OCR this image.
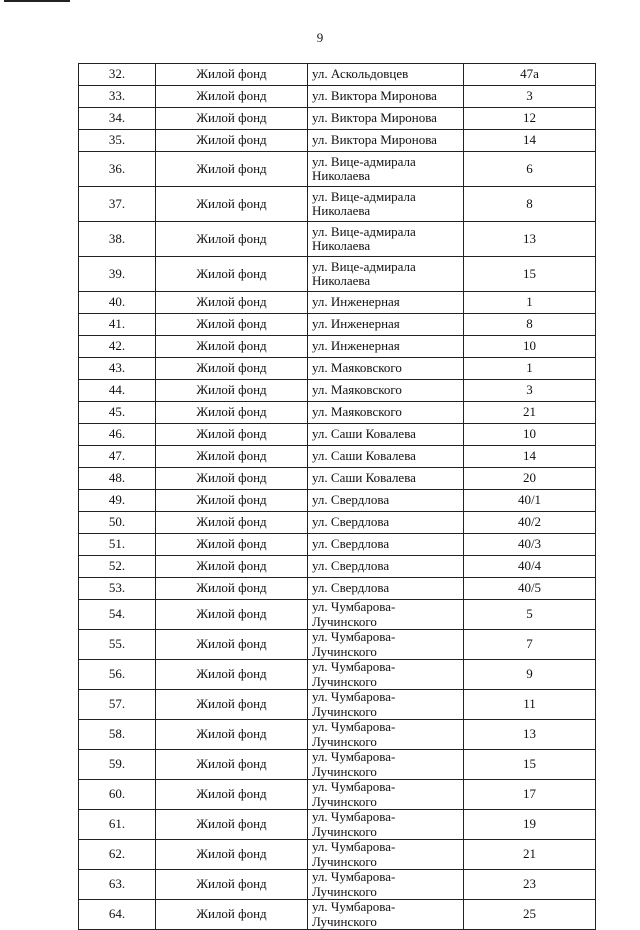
9
32.	Жилой фонд	ул. Аскольдовцев	47а
33.	Жилой фонд	ул. Виктора Миронова	3
34.	Жилой фонд	ул. Виктора Миронова	12
35.	Жилой фонд	ул. Виктора Миронова	14
36.	Жилой фонд	ул. Вице-адмирала Николаева	6
37.	Жилой фонд	ул. Вице-адмирала Николаева	8
38.	Жилой фонд	ул. Вице-адмирала Николаева	13
39.	Жилой фонд	ул. Вице-адмирала Николаева	15
40.	Жилой фонд	ул. Инженерная	1
41.	Жилой фонд	ул. Инженерная	8
42.	Жилой фонд	ул. Инженерная	10
43.	Жилой фонд	ул. Маяковского	1
44.	Жилой фонд	ул. Маяковского	3
45.	Жилой фонд	ул. Маяковского	21
46.	Жилой фонд	ул. Саши Ковалева	10
47.	Жилой фонд	ул. Саши Ковалева	14
48.	Жилой фонд	ул. Саши Ковалева	20
49.	Жилой фонд	ул. Свердлова	40/1
50.	Жилой фонд	ул. Свердлова	40/2
51.	Жилой фонд	ул. Свердлова	40/3
52.	Жилой фонд	ул. Свердлова	40/4
53.	Жилой фонд	ул. Свердлова	40/5
54.	Жилой фонд	ул. Чумбарова-Лучинского	5
55.	Жилой фонд	ул. Чумбарова-Лучинского	7
56.	Жилой фонд	ул. Чумбарова-Лучинского	9
57.	Жилой фонд	ул. Чумбарова-Лучинского	11
58.	Жилой фонд	ул. Чумбарова-Лучинского	13
59.	Жилой фонд	ул. Чумбарова-Лучинского	15
60.	Жилой фонд	ул. Чумбарова-Лучинского	17
61.	Жилой фонд	ул. Чумбарова-Лучинского	19
62.	Жилой фонд	ул. Чумбарова-Лучинского	21
63.	Жилой фонд	ул. Чумбарова-Лучинского	23
64.	Жилой фонд	ул. Чумбарова-Лучинского	25
